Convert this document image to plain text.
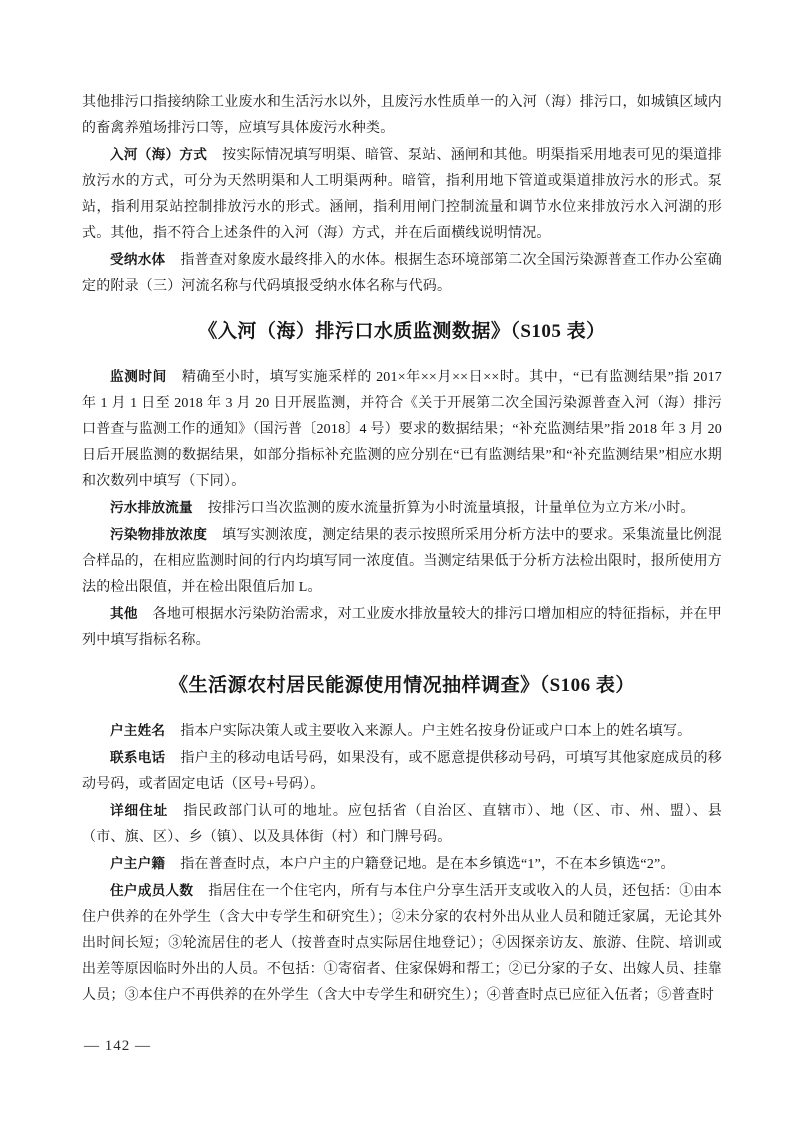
其他排污口指接纳除工业废水和生活污水以外，且废污水性质单一的入河（海）排污口，如城镇区域内的畜禽养殖场排污口等，应填写具体废污水种类。

入河（海）方式 按实际情况填写明渠、暗管、泵站、涵闸和其他。明渠指采用地表可见的渠道排放污水的方式，可分为天然明渠和人工明渠两种。暗管，指利用地下管道或渠道排放污水的形式。泵站，指利用泵站控制排放污水的形式。涵闸，指利用闸门控制流量和调节水位来排放污水入河湖的形式。其他，指不符合上述条件的入河（海）方式，并在后面横线说明情况。

受纳水体 指普查对象废水最终排入的水体。根据生态环境部第二次全国污染源普查工作办公室确定的附录（三）河流名称与代码填报受纳水体名称与代码。

《入河（海）排污口水质监测数据》（S105 表）

监测时间 精确至小时，填写实施采样的 201×年××月××日××时。其中，“已有监测结果”指 2017 年 1 月 1 日至 2018 年 3 月 20 日开展监测，并符合《关于开展第二次全国污染源普查入河（海）排污口普查与监测工作的通知》（国污普〔2018〕4 号）要求的数据结果；“补充监测结果”指 2018 年 3 月 20 日后开展监测的数据结果，如部分指标补充监测的应分别在“已有监测结果”和“补充监测结果”相应水期和次数列中填写（下同）。

污水排放流量 按排污口当次监测的废水流量折算为小时流量填报，计量单位为立方米/小时。

污染物排放浓度 填写实测浓度，测定结果的表示按照所采用分析方法中的要求。采集流量比例混合样品的，在相应监测时间的行内均填写同一浓度值。当测定结果低于分析方法检出限时，报所使用方法的检出限值，并在检出限值后加 L。

其他 各地可根据水污染防治需求，对工业废水排放量较大的排污口增加相应的特征指标，并在甲列中填写指标名称。

《生活源农村居民能源使用情况抽样调查》（S106 表）

户主姓名 指本户实际决策人或主要收入来源人。户主姓名按身份证或户口本上的姓名填写。

联系电话 指户主的移动电话号码，如果没有，或不愿意提供移动号码，可填写其他家庭成员的移动号码，或者固定电话（区号+号码）。

详细住址 指民政部门认可的地址。应包括省（自治区、直辖市）、地（区、市、州、盟）、县（市、旗、区）、乡（镇）、以及具体街（村）和门牌号码。

户主户籍 指在普查时点，本户户主的户籍登记地。是在本乡镇选“1”，不在本乡镇选“2”。

住户成员人数 指居住在一个住宅内，所有与本住户分享生活开支或收入的人员，还包括：①由本住户供养的在外学生（含大中专学生和研究生）；②未分家的农村外出从业人员和随迁家属，无论其外出时间长短；③轮流居住的老人（按普查时点实际居住地登记）；④因探亲访友、旅游、住院、培训或出差等原因临时外出的人员。不包括：①寄宿者、住家保姆和帮工；②已分家的子女、出嫁人员、挂靠人员；③本住户不再供养的在外学生（含大中专学生和研究生）；④普查时点已应征入伍者；⑤普查时

— 142 —
